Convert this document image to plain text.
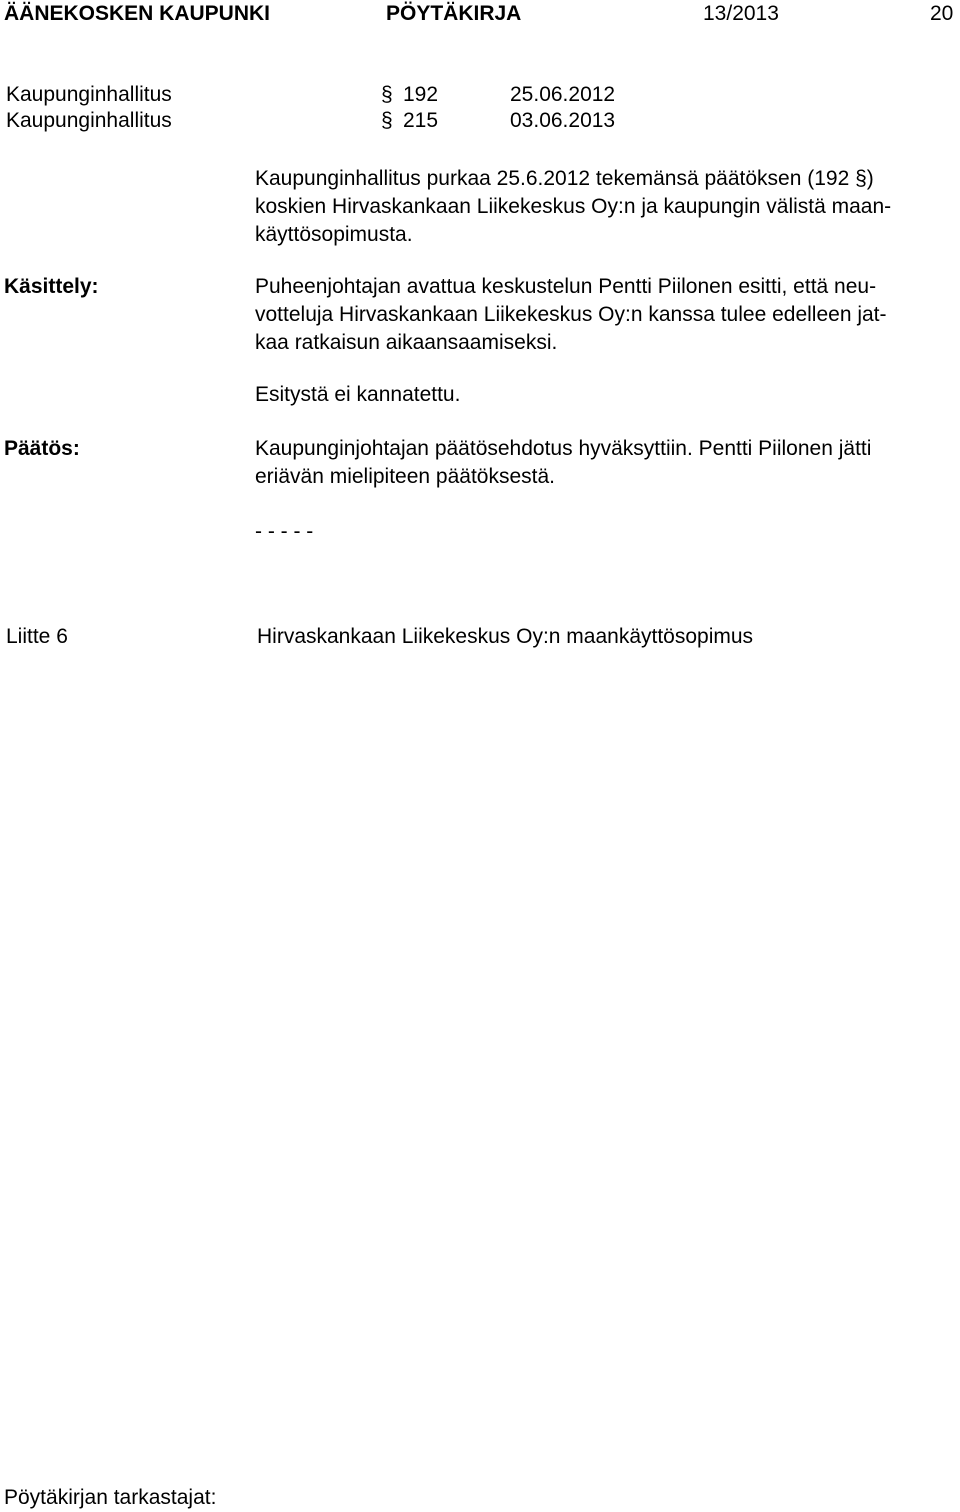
ÄÄNEKOSKEN KAUPUNKI	PÖYTÄKIRJA	13/2013	20
Kaupunginhallitus	§ 192	25.06.2012
Kaupunginhallitus	§ 215	03.06.2013
Kaupunginhallitus purkaa 25.6.2012 tekemänsä päätöksen (192 §)
koskien Hirvaskankaan Liikekeskus Oy:n ja kaupungin välistä maan-
käyttösopimusta.
Käsittely:	Puheenjohtajan avattua keskustelun Pentti Piilonen esitti, että neu-
votteluja Hirvaskankaan Liikekeskus Oy:n kanssa tulee edelleen jat-
kaa ratkaisun aikaansaamiseksi.
Esitystä ei kannatettu.
Päätös:	Kaupunginjohtajan päätösehdotus hyväksyttiin. Pentti Piilonen jätti
eriävän mielipiteen päätöksestä.
- - - - -
Liitte 6	Hirvaskankaan Liikekeskus Oy:n maankäyttösopimus
Pöytäkirjan tarkastajat:
